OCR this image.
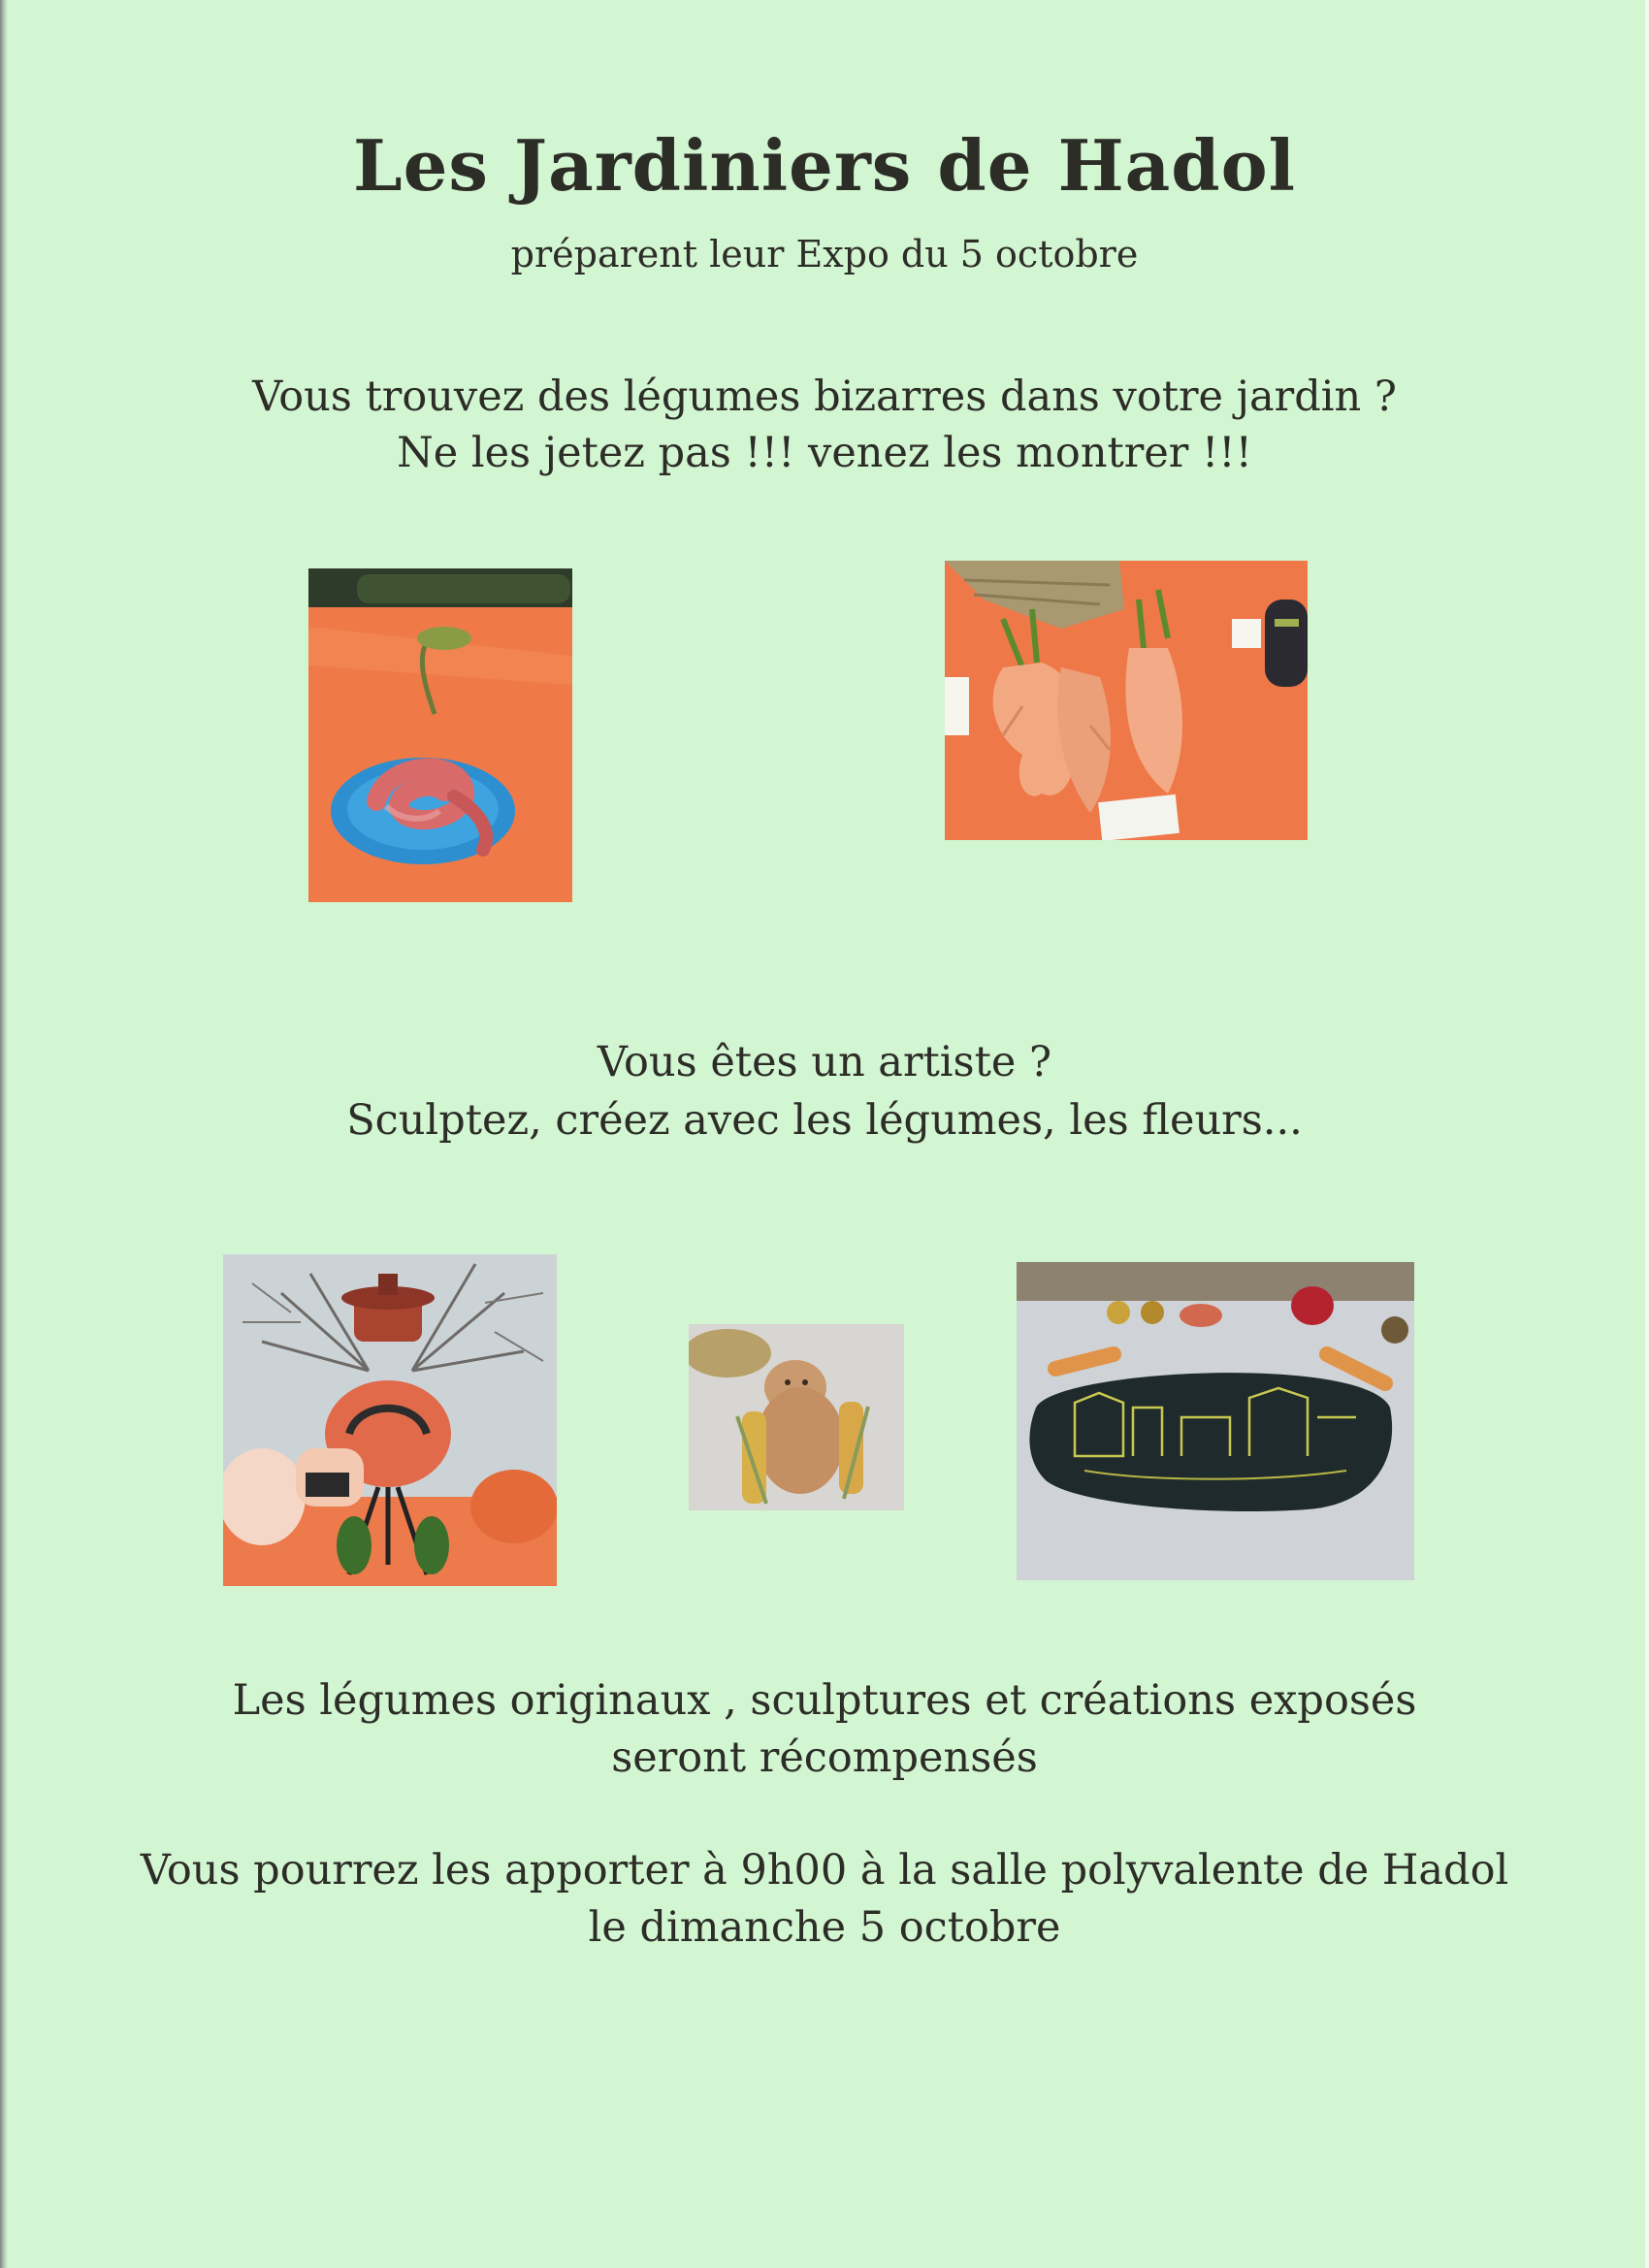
Les Jardiniers de Hadol
préparent leur Expo du 5 octobre
Vous trouvez des légumes bizarres dans votre jardin ?
Ne les jetez pas !!! venez les montrer !!!
Vous êtes un artiste ?
Sculptez, créez avec les légumes, les fleurs...
Les légumes originaux , sculptures et créations exposés
seront récompensés
Vous pourrez les apporter à 9h00 à la salle polyvalente de Hadol
le dimanche 5 octobre
